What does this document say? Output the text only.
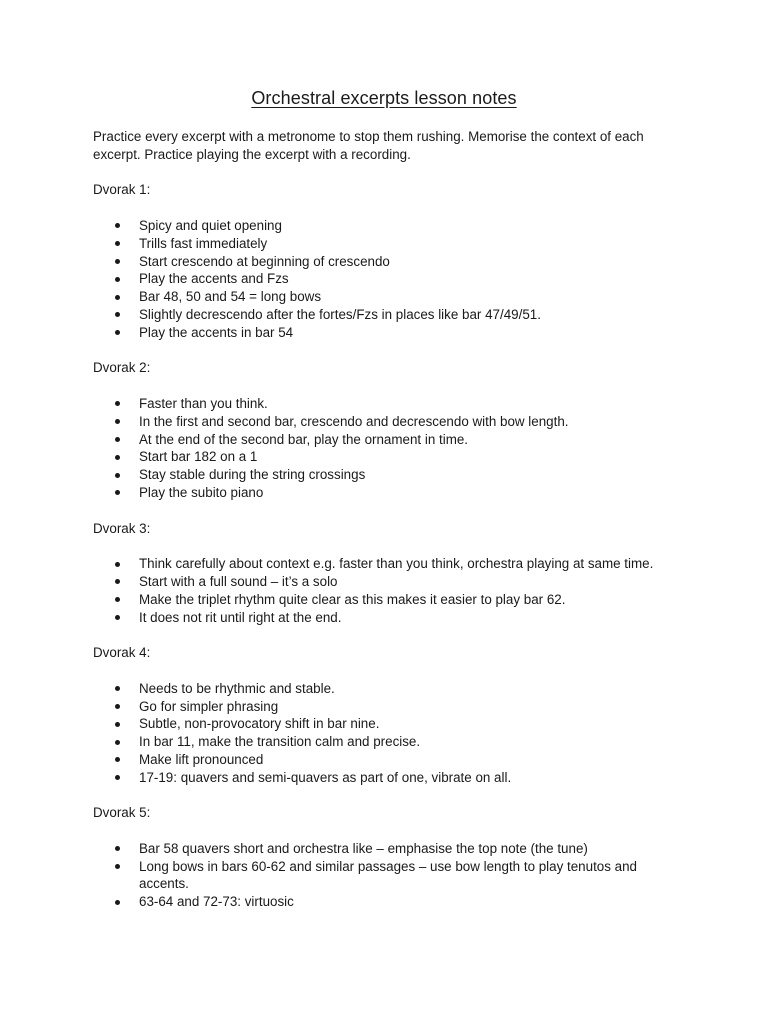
Orchestral excerpts lesson notes

Practice every excerpt with a metronome to stop them rushing. Memorise the context of each excerpt. Practice playing the excerpt with a recording.

Dvorak 1:

Spicy and quiet opening
Trills fast immediately
Start crescendo at beginning of crescendo
Play the accents and Fzs
Bar 48, 50 and 54 = long bows
Slightly decrescendo after the fortes/Fzs in places like bar 47/49/51.
Play the accents in bar 54

Dvorak 2:

Faster than you think.
In the first and second bar, crescendo and decrescendo with bow length.
At the end of the second bar, play the ornament in time.
Start bar 182 on a 1
Stay stable during the string crossings
Play the subito piano

Dvorak 3:

Think carefully about context e.g. faster than you think, orchestra playing at same time.
Start with a full sound – it’s a solo
Make the triplet rhythm quite clear as this makes it easier to play bar 62.
It does not rit until right at the end.

Dvorak 4:

Needs to be rhythmic and stable.
Go for simpler phrasing
Subtle, non-provocatory shift in bar nine.
In bar 11, make the transition calm and precise.
Make lift pronounced
17-19: quavers and semi-quavers as part of one, vibrate on all.

Dvorak 5:

Bar 58 quavers short and orchestra like – emphasise the top note (the tune)
Long bows in bars 60-62 and similar passages – use bow length to play tenutos and accents.
63-64 and 72-73: virtuosic
